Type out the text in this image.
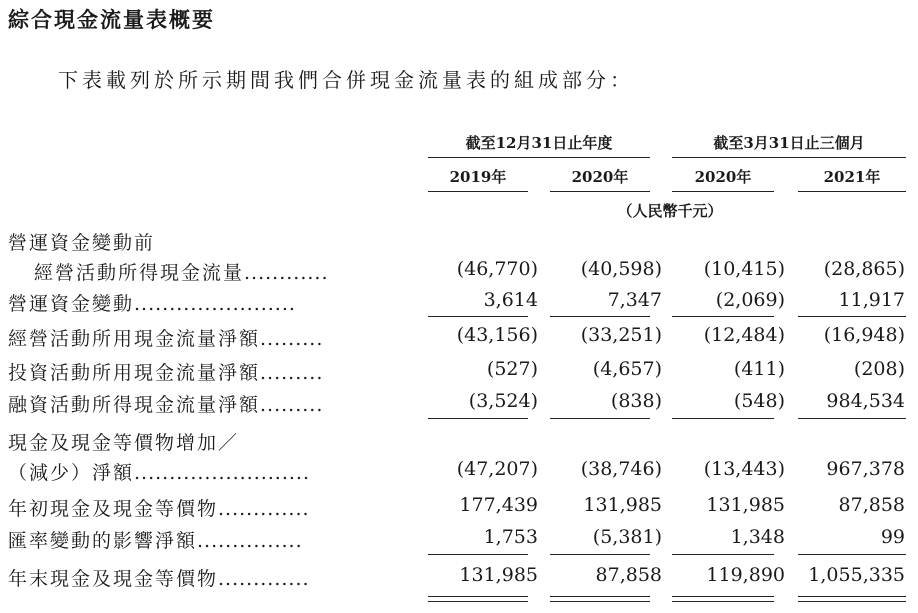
綜合現金流量表概要
下表載列於所示期間我們合併現金流量表的組成部分：
截至12月31日止年度	截至3月31日止三個月
2019年	2020年	2020年	2021年
（人民幣千元）
營運資金變動前
經營活動所得現金流量............	(46,770)	(40,598)	(10,415)	(28,865)
營運資金變動.......................	3,614	7,347	(2,069)	11,917
經營活動所用現金流量淨額.........	(43,156)	(33,251)	(12,484)	(16,948)
投資活動所用現金流量淨額.........	(527)	(4,657)	(411)	(208)
融資活動所得現金流量淨額.........	(3,524)	(838)	(548)	984,534
現金及現金等價物增加／
（減少）淨額.........................	(47,207)	(38,746)	(13,443)	967,378
年初現金及現金等價物.............	177,439	131,985	131,985	87,858
匯率變動的影響淨額...............	1,753	(5,381)	1,348	99
年末現金及現金等價物.............	131,985	87,858	119,890	1,055,335
